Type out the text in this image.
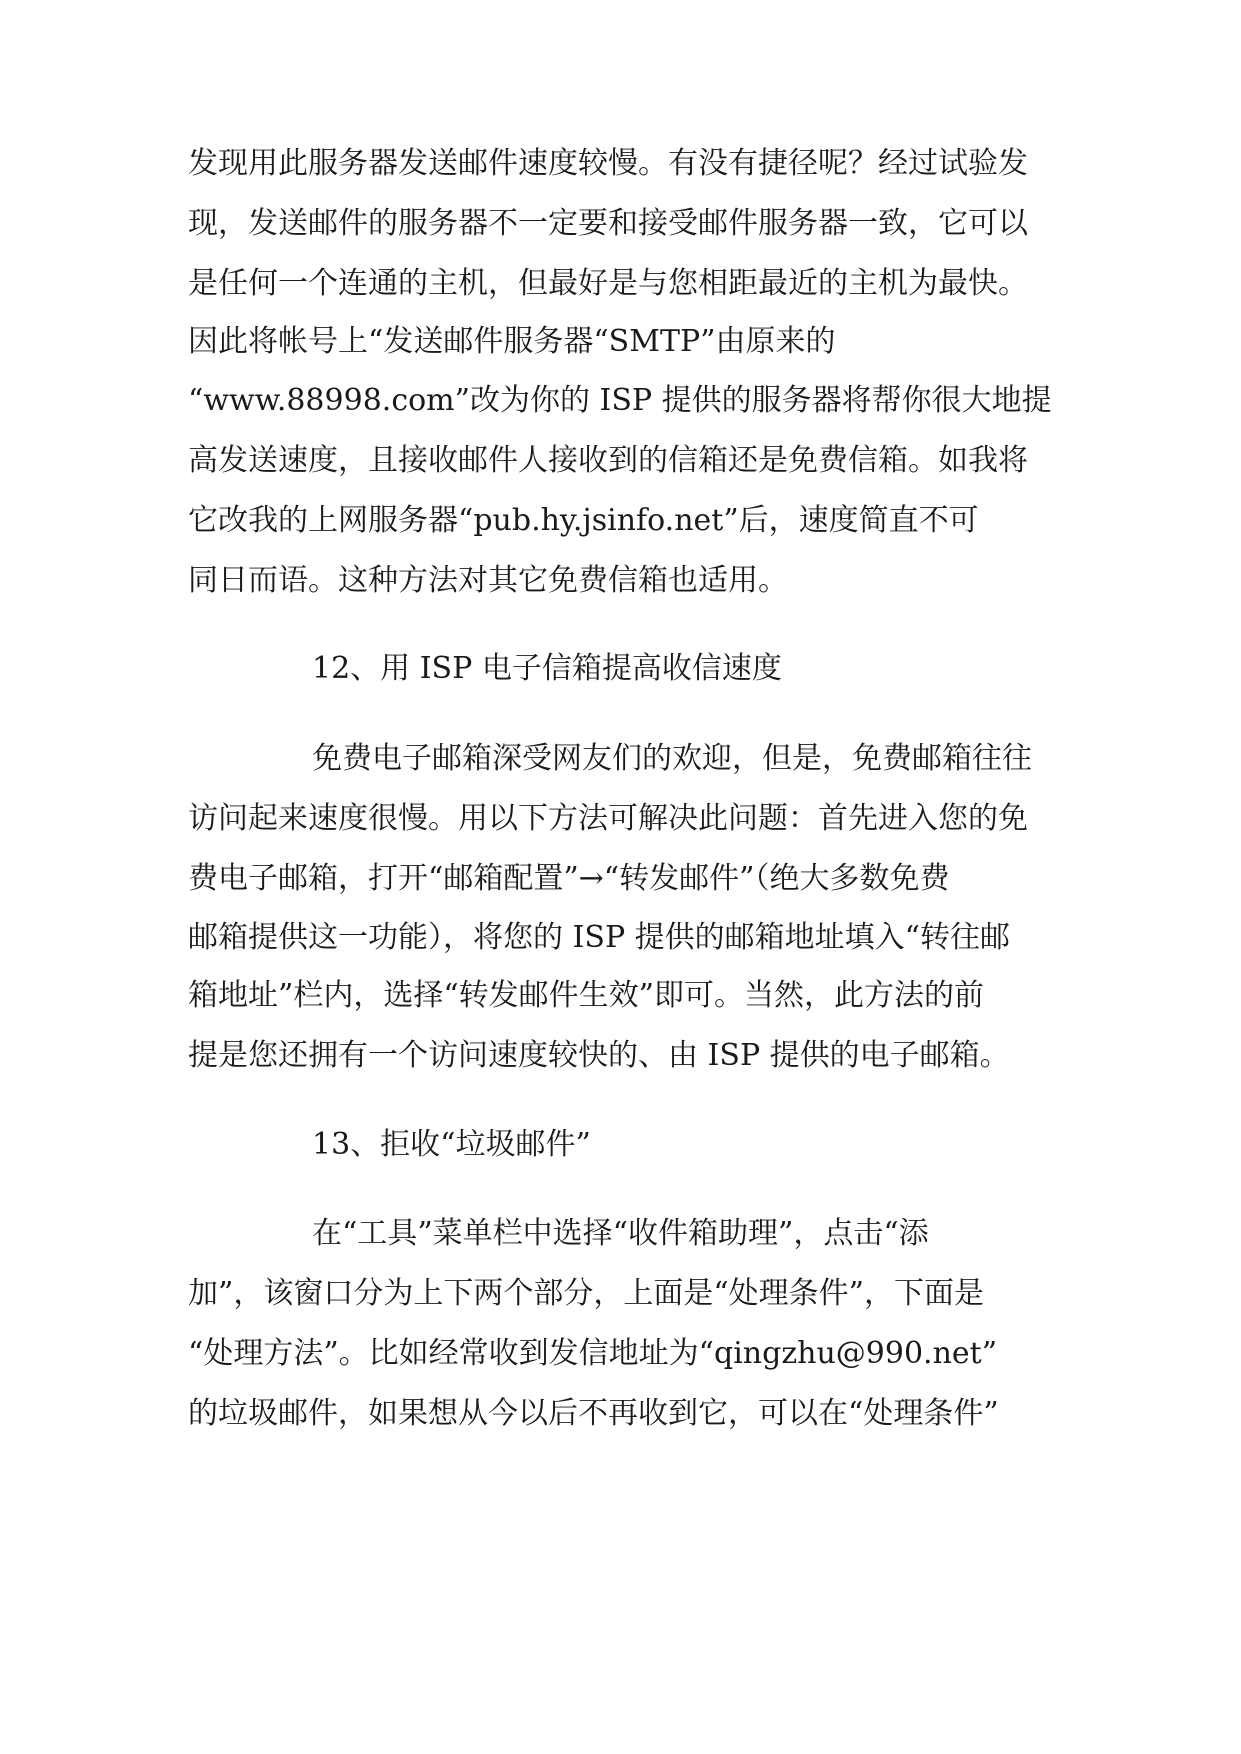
发现用此服务器发送邮件速度较慢。有没有捷径呢？经过试验发
现，发送邮件的服务器不一定要和接受邮件服务器一致，它可以
是任何一个连通的主机，但最好是与您相距最近的主机为最快。
因此将帐号上“发送邮件服务器“SMTP”由原来的
“www.88998.com”改为你的 ISP 提供的服务器将帮你很大地提
高发送速度，且接收邮件人接收到的信箱还是免费信箱。如我将
它改我的上网服务器“pub.hy.jsinfo.net”后，速度简直不可
同日而语。这种方法对其它免费信箱也适用。
12、用 ISP 电子信箱提高收信速度
免费电子邮箱深受网友们的欢迎，但是，免费邮箱往往
访问起来速度很慢。用以下方法可解决此问题：首先进入您的免
费电子邮箱，打开“邮箱配置”→“转发邮件”（绝大多数免费
邮箱提供这一功能），将您的 ISP 提供的邮箱地址填入“转往邮
箱地址”栏内，选择“转发邮件生效”即可。当然，此方法的前
提是您还拥有一个访问速度较快的、由 ISP 提供的电子邮箱。
13、拒收“垃圾邮件”
在“工具”菜单栏中选择“收件箱助理”，点击“添
加”，该窗口分为上下两个部分，上面是“处理条件”，下面是
“处理方法”。比如经常收到发信地址为“qingzhu@990.net”
的垃圾邮件，如果想从今以后不再收到它，可以在“处理条件”
